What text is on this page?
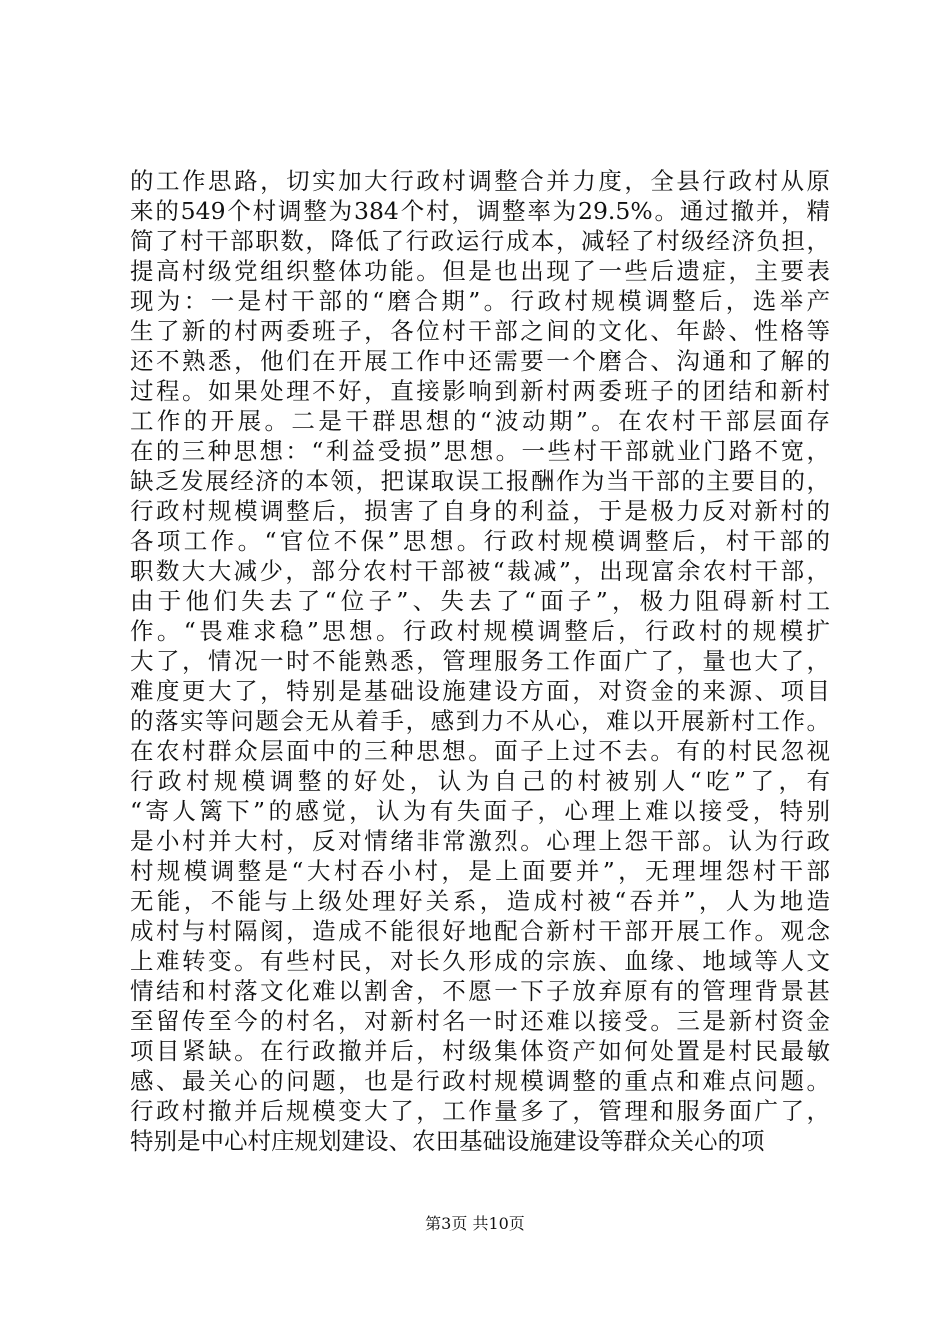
的工作思路，切实加大行政村调整合并力度，全县行政村从原
来的549个村调整为384个村，调整率为29.5%。通过撤并，精
简了村干部职数，降低了行政运行成本，减轻了村级经济负担，
提高村级党组织整体功能。但是也出现了一些后遗症，主要表
现为：一是村干部的“磨合期”。行政村规模调整后，选举产
生了新的村两委班子，各位村干部之间的文化、年龄、性格等
还不熟悉，他们在开展工作中还需要一个磨合、沟通和了解的
过程。如果处理不好，直接影响到新村两委班子的团结和新村
工作的开展。二是干群思想的“波动期”。在农村干部层面存
在的三种思想：“利益受损”思想。一些村干部就业门路不宽，
缺乏发展经济的本领，把谋取误工报酬作为当干部的主要目的，
行政村规模调整后，损害了自身的利益，于是极力反对新村的
各项工作。“官位不保”思想。行政村规模调整后，村干部的
职数大大减少，部分农村干部被“裁减”，出现富余农村干部，
由于他们失去了“位子”、失去了“面子”，极力阻碍新村工
作。“畏难求稳”思想。行政村规模调整后，行政村的规模扩
大了，情况一时不能熟悉，管理服务工作面广了，量也大了，
难度更大了，特别是基础设施建设方面，对资金的来源、项目
的落实等问题会无从着手，感到力不从心，难以开展新村工作。
在农村群众层面中的三种思想。面子上过不去。有的村民忽视
行政村规模调整的好处，认为自己的村被别人“吃”了，有
“寄人篱下”的感觉，认为有失面子，心理上难以接受，特别
是小村并大村，反对情绪非常激烈。心理上怨干部。认为行政
村规模调整是“大村吞小村，是上面要并”，无理埋怨村干部
无能，不能与上级处理好关系，造成村被“吞并”，人为地造
成村与村隔阂，造成不能很好地配合新村干部开展工作。观念
上难转变。有些村民，对长久形成的宗族、血缘、地域等人文
情结和村落文化难以割舍，不愿一下子放弃原有的管理背景甚
至留传至今的村名，对新村名一时还难以接受。三是新村资金
项目紧缺。在行政撤并后，村级集体资产如何处置是村民最敏
感、最关心的问题，也是行政村规模调整的重点和难点问题。
行政村撤并后规模变大了，工作量多了，管理和服务面广了，
特别是中心村庄规划建设、农田基础设施建设等群众关心的项
第3页 共10页
